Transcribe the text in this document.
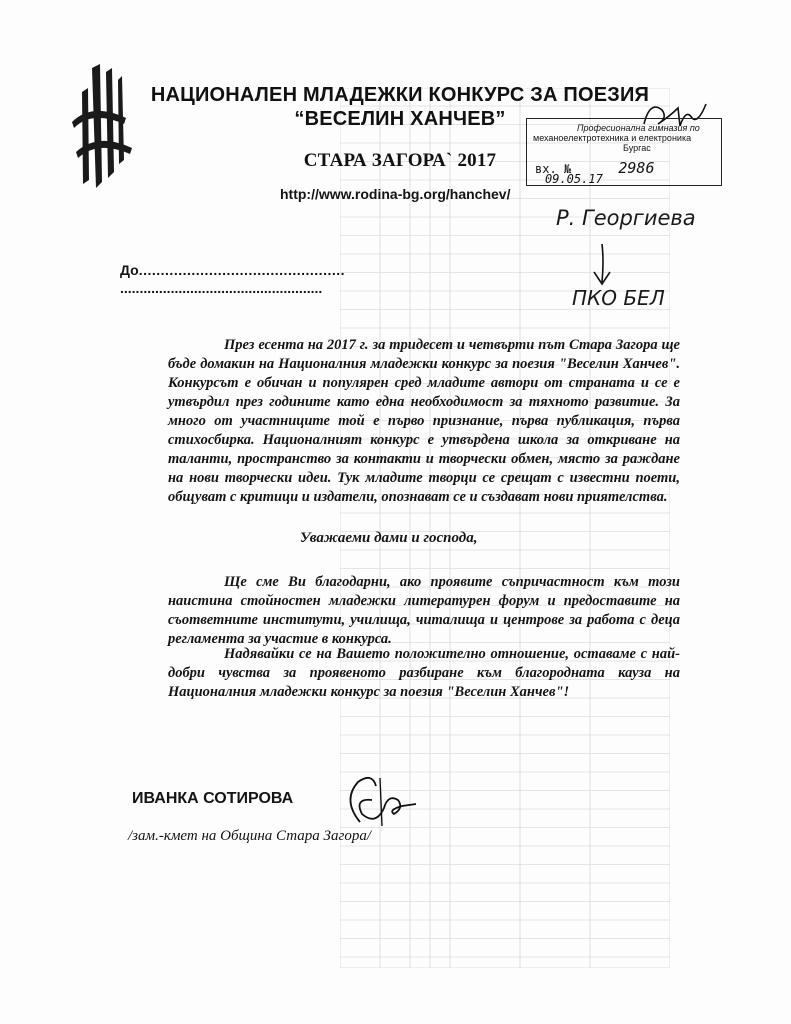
НАЦИОНАЛЕН МЛАДЕЖКИ КОНКУРС ЗА ПОЕЗИЯ
“ВЕСЕЛИН ХАНЧЕВ”
СТАРА ЗАГОРА` 2017
http://www.rodina-bg.org/hanchev/
Професионална гимназия по
механоелектротехника и електроника
Бургас
вх. №	2986 09.05.17
Р. Георгиева
ПКО БЕЛ
До...............................................
....................................................

През есента на 2017 г. за тридесет и четвърти път Стара Загора ще бъде домакин на Националния младежки конкурс за поезия "Веселин Ханчев". Конкурсът е обичан и популярен сред младите автори от страната и се е утвърдил през годините като една необходимост за тяхното развитие. За много от участниците той е първо признание, първа публикация, първа стихосбирка. Националният конкурс е утвърдена школа за откриване на таланти, пространство за контакти и творчески обмен, място за раждане на нови творчески идеи. Тук младите творци се срещат с известни поети, общуват с критици и издатели, опознават се и създават нови приятелства.

Уважаеми дами и господа,

Ще сме Ви благодарни, ако проявите съпричастност към този наистина стойностен младежки литературен форум и предоставите на съответните институти, училища, читалища и центрове за работа с деца регламента за участие в конкурса.

Надявайки се на Вашето положително отношение, оставаме с най- добри чувства за проявеното разбиране към благородната кауза на Националния младежки конкурс за поезия "Веселин Ханчев"!

ИВАНКА СОТИРОВА
/зам.-кмет на Община Стара Загора/
